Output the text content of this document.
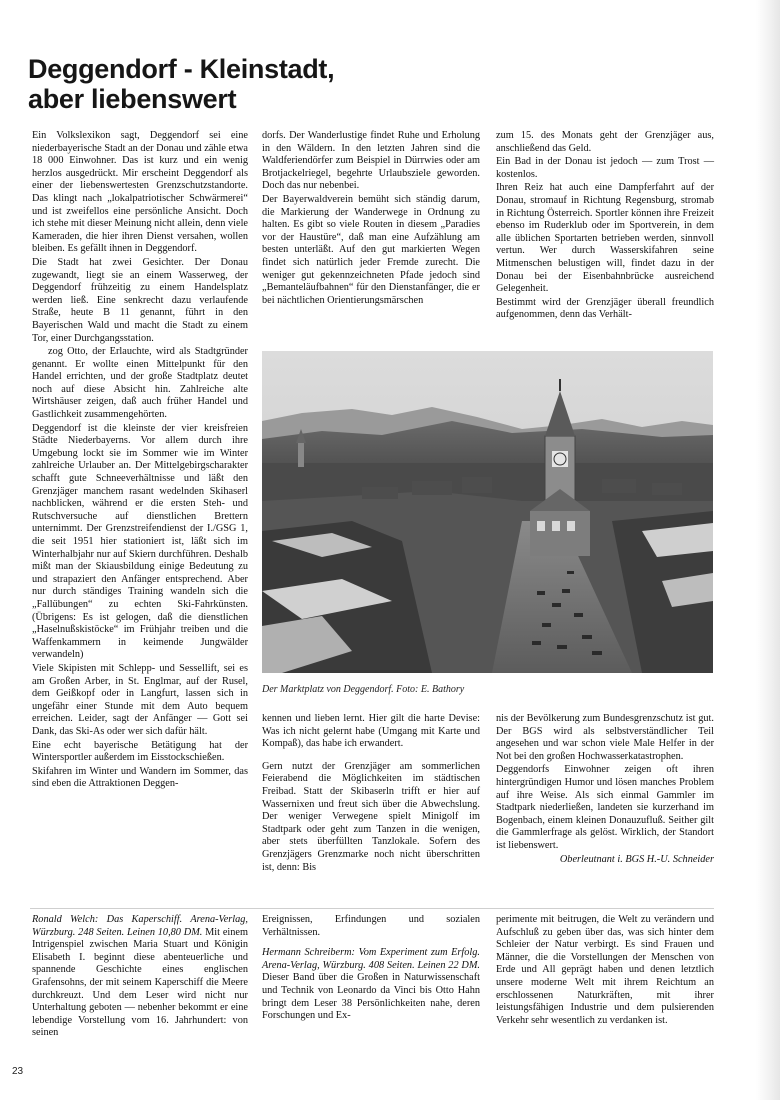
Deggendorf - Kleinstadt,
aber liebenswert

Ein Volkslexikon sagt, Deggendorf sei eine niederbayerische Stadt an der Donau und zähle etwa 18 000 Einwohner. Das ist kurz und ein wenig herzlos ausgedrückt. Mir erscheint Deggendorf als einer der liebenswertesten Grenzschutzstandorte. Das klingt nach „lokalpatriotischer Schwärmerei“ und ist zweifellos eine persönliche Ansicht. Doch ich stehe mit dieser Meinung nicht allein, denn viele Kameraden, die hier ihren Dienst versahen, wollen bleiben. Es gefällt ihnen in Deggendorf.

Die Stadt hat zwei Gesichter. Der Donau zugewandt, liegt sie an einem Wasserweg, der Deggendorf frühzeitig zu einem Handelsplatz werden ließ. Eine senkrecht dazu verlaufende Straße, heute B 11 genannt, führt in den Bayerischen Wald und macht die Stadt zu einem Tor, einer Durchgangsstation.

zog Otto, der Erlauchte, wird als Stadtgründer genannt. Er wollte einen Mittelpunkt für den Handel errichten, und der große Stadtplatz deutet noch auf diese Absicht hin. Zahlreiche alte Wirtshäuser zeigen, daß auch früher Handel und Gastlichkeit zusammengehörten.

Deggendorf ist die kleinste der vier kreisfreien Städte Niederbayerns. Vor allem durch ihre Umgebung lockt sie im Sommer wie im Winter zahlreiche Urlauber an. Der Mittelgebirgscharakter schafft gute Schneeverhältnisse und läßt den Grenzjäger manchem rasant wedelnden Skihaserl nachblicken, während er die ersten Steh- und Rutschversuche auf dienstlichen Brettern unternimmt. Der Grenzstreifendienst der I./GSG 1, die seit 1951 hier stationiert ist, läßt sich im Winterhalbjahr nur auf Skiern durchführen. Deshalb mißt man der Skiausbildung einige Bedeutung zu und strapaziert den Anfänger entsprechend. Aber nur durch ständiges Training wandeln sich die „Fallübungen“ zu echten Ski-Fahrkünsten. (Übrigens: Es ist gelogen, daß die dienstlichen „Haselnußskistöcke“ im Frühjahr treiben und die Waffenkammern in keimende Jungwälder verwandeln)

Viele Skipisten mit Schlepp- und Sessellift, sei es am Großen Arber, in St. Englmar, auf der Rusel, dem Geißkopf oder in Langfurt, lassen sich in ungefähr einer Stunde mit dem Auto bequem erreichen. Leider, sagt der Anfänger — Gott sei Dank, das Ski-As oder wer sich dafür hält.

Eine echt bayerische Betätigung hat der Wintersportler außerdem im Eisstockschießen.

Skifahren im Winter und Wandern im Sommer, das sind eben die Attraktionen Deggen-

dorfs. Der Wanderlustige findet Ruhe und Erholung in den Wäldern. In den letzten Jahren sind die Waldferiendörfer zum Beispiel in Dürrwies oder am Brotjackelriegel, begehrte Urlaubsziele geworden. Doch das nur nebenbei.

Der Bayerwaldverein bemüht sich ständig darum, die Markierung der Wanderwege in Ordnung zu halten. Es gibt so viele Routen in diesem „Paradies vor der Haustüre“, daß man eine Aufzählung am besten unterläßt. Auf den gut markierten Wegen findet sich natürlich jeder Fremde zurecht. Die weniger gut gekennzeichneten Pfade jedoch sind „Bemanteläufbahnen“ für den Dienstanfänger, die er bei nächtlichen Orientierungsmärschen

zum 15. des Monats geht der Grenzjäger aus, anschließend das Geld.

Ein Bad in der Donau ist jedoch — zum Trost — kostenlos.

Ihren Reiz hat auch eine Dampferfahrt auf der Donau, stromauf in Richtung Regensburg, stromab in Richtung Österreich. Sportler können ihre Freizeit ebenso im Ruderklub oder im Sportverein, in dem alle üblichen Sportarten betrieben werden, sinnvoll vertun. Wer durch Wasserskifahren seine Mitmenschen belustigen will, findet dazu in der Donau bei der Eisenbahnbrücke ausreichend Gelegenheit.

Bestimmt wird der Grenzjäger überall freundlich aufgenommen, denn das Verhält-

Der Marktplatz von Deggendorf. Foto: E. Bathory

kennen und lieben lernt. Hier gilt die harte Devise: Was ich nicht gelernt habe (Umgang mit Karte und Kompaß), das habe ich erwandert.

Gern nutzt der Grenzjäger am sommerlichen Feierabend die Möglichkeiten im städtischen Freibad. Statt der Skibaserln trifft er hier auf Wassernixen und freut sich über die Abwechslung. Der weniger Verwegene spielt Minigolf im Stadtpark oder geht zum Tanzen in die wenigen, aber stets überfüllten Tanzlokale. Sofern des Grenzjägers Grenzmarke noch nicht überschritten ist, denn: Bis

nis der Bevölkerung zum Bundesgrenzschutz ist gut. Der BGS wird als selbstverständlicher Teil angesehen und war schon viele Male Helfer in der Not bei den großen Hochwasserkatastrophen.

Deggendorfs Einwohner zeigen oft ihren hintergründigen Humor und lösen manches Problem auf ihre Weise. Als sich einmal Gammler im Stadtpark niederließen, landeten sie kurzerhand im Bogenbach, einem kleinen Donauzufluß. Seither gilt die Gammlerfrage als gelöst. Wirklich, der Standort ist liebenswert.

Oberleutnant i. BGS H.-U. Schneider

Ronald Welch: Das Kaperschiff. Arena-Verlag, Würzburg. 248 Seiten. Leinen 10,80 DM. Mit einem Intrigenspiel zwischen Maria Stuart und Königin Elisabeth I. beginnt diese abenteuerliche und spannende Geschichte eines englischen Grafensohns, der mit seinem Kaperschiff die Meere durchkreuzt. Und dem Leser wird nicht nur Unterhaltung geboten — nebenher bekommt er eine lebendige Vorstellung vom 16. Jahrhundert: von seinen

Ereignissen, Erfindungen und sozialen Verhältnissen.

Hermann Schreiberm: Vom Experiment zum Erfolg. Arena-Verlag, Würzburg. 408 Seiten. Leinen 22 DM. Dieser Band über die Großen in Naturwissenschaft und Technik von Leonardo da Vinci bis Otto Hahn bringt dem Leser 38 Persönlichkeiten nahe, deren Forschungen und Ex-

perimente mit beitrugen, die Welt zu verändern und Aufschluß zu geben über das, was sich hinter dem Schleier der Natur verbirgt. Es sind Frauen und Männer, die die Vorstellungen der Menschen von Erde und All geprägt haben und denen letztlich unsere moderne Welt mit ihrem Reichtum an erschlossenen Naturkräften, mit ihrer leistungsfähigen Industrie und dem pulsierenden Verkehr sehr wesentlich zu verdanken ist.

23
